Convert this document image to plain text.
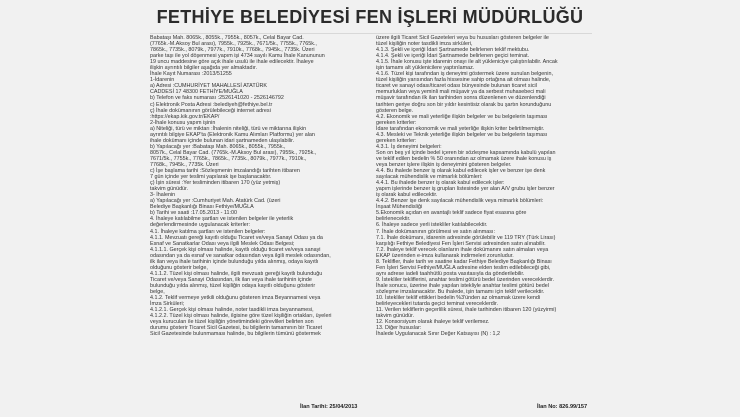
FETHİYE BELEDİYESİ FEN İŞLERİ MÜDÜRLÜĞÜ

Babataşı Mah. 8065k., 8055k., 7955k., 8057k., Celal Bayar Cad.

(7765k.-M.Aksoy Bul arası), 7955k., 7925k., 7671/5k., 7755k., 7765k.,

7865k., 7735k., 8079k., 7977k., 7910k., 7768k., 7945k., 7735k. Üzeri

parke taşı ile yol döşenmesi yapım işi 4734 sayılı Kamu İhale Kanununun

19 uncu maddesine göre açık ihale usulü ile ihale edilecektir. İhaleye

ilişkin ayrıntılı bilgiler aşağıda yer almaktadır.

İhale Kayıt Numarası :2013/51255

1-İdarenin

a) Adresi :CUMHURİYET MAHALLESİ ATATÜRK

CADDESİ 17 48300 FETHİYE/MUĞLA

b) Telefon ve faks numarası :2526141020 - 2526146792

c) Elektronik Posta Adresi :belediyeh@fethiye.bel.tr

ç) İhale dokümanının görülebileceği internet adresi

:https://ekap.kik.gov.tr/EKAP/

2-İhale konusu yapım işinin

a) Niteliği, türü ve miktarı :İhalenin niteliği, türü ve miktarına ilişkin

ayrıntılı bilgiye EKAP'ta (Elektronik Kamu Alımları Platformu) yer alan

ihale dokümanı içinde bulunan idari şartnameden ulaşılabilir.

b) Yapılacağı yer :Babataşı Mah. 8065k., 8055k., 7955k.,

8057k., Celal Bayar Cad. (7765k.-M.Aksoy Bul arası), 7955k., 7925k.,

7671/5k., 7755k., 7765k., 7865k., 7735k., 8079k., 7977k., 7910k.,

7768k., 7945k., 7735k. Üzeri

c) İşe başlama tarihi :Sözleşmenin imzalandığı tarihten itibaren

7 gün içinde yer teslimi yapılarak işe başlanacaktır.

ç) İşin süresi :Yer tesliminden itibaren 170 (yüz yetmiş)

takvim günüdür.

3- İhalenin

a) Yapılacağı yer :Cumhuriyet Mah. Atatürk Cad. (üzeri

Belediye Başkanlığı Binası Fethiye/MUĞLA

b) Tarihi ve saati :17.05.2013 - 11:00

4. İhaleye katılabilme şartları ve istenilen belgeler ile yeterlik

değerlendirmesinde uygulanacak kriterler:

4.1. İhaleye katılma şartları ve istenilen belgeler:

4.1.1. Mevzuatı gereği kayıtlı olduğu Ticaret ve/veya Sanayi Odası ya da

Esnaf ve Sanatkarlar Odası veya ilgili Meslek Odası Belgesi;

4.1.1.1. Gerçek kişi olması halinde, kayıtlı olduğu ticaret ve/veya sanayi

odasından ya da esnaf ve sanatkar odasından veya ilgili meslek odasından,

ilk ilan veya ihale tarihinin içinde bulunduğu yılda alınmış, odaya kayıtlı

olduğunu gösterir belge,

4.1.1.2. Tüzel kişi olması halinde, ilgili mevzuatı gereği kayıtlı bulunduğu

Ticaret ve/veya Sanayi Odasından, ilk ilan veya ihale tarihinin içinde

bulunduğu yılda alınmış, tüzel kişiliğin odaya kayıtlı olduğunu gösterir

belge,

4.1.2. Teklif vermeye yetkili olduğunu gösteren imza Beyannamesi veya

İmza Sirküleri;

4.1.2.1. Gerçek kişi olması halinde, noter tasdikli imza beyannamesi,

4.1.2.2. Tüzel kişi olması halinde, ilgisine göre tüzel kişiliğin ortakları, üyeleri

veya kurucuları ile tüzel kişiliğin yönetimindeki görevlileri belirten son

durumu gösterir Ticaret Sicil Gazetesi, bu bilgilerin tamamının bir Ticaret

Sicil Gazetesinde bulunmaması halinde, bu bilgilerin tümünü göstermek

üzere ilgili Ticaret Sicil Gazeteleri veya bu hususları gösteren belgeler ile

tüzel kişiliğin noter tasdikli imza sirküleri,

4.1.3. Şekli ve içeriği İdari Şartnamede belirlenen teklif mektubu.

4.1.4. Şekli ve içeriği İdari Şartnamede belirlenen geçici teminat.

4.1.5. İhale konusu işte idarenin onayı ile alt yükleniciye çalıştırılabilir. Ancak

işin tamamı alt yüklenicilere yaptırılamaz.

4.1.6. Tüzel kişi tarafından iş deneyimi göstermek üzere sunulan belgenin,

tüzel kişiliğin yarısından fazla hissesine sahip ortağına ait olması halinde,

ticaret ve sanayi odası/ticaret odası bünyesinde bulunan ticaret sicil

memurluklan veya yeminli mali müşavir ya da serbest muhasebeci mali

müşavir tarafından ilk ilan tarihinden sonra düzenlenen ve düzenlendiği

tarihten geriye doğru son bir yıldır kesintisiz olarak bu şartın korunduğunu

gösteren belge.

4.2. Ekonomik ve mali yeterliğe ilişkin belgeler ve bu belgelerin taşıması

gereken kriterler:

İdare tarafından ekonomik ve mali yeterliğe ilişkin kriter belirtilmemiştir.

4.3. Mesleki ve Teknik yeterliğe ilişkin belgeler ve bu belgelerin taşıması

gereken kriterler:

4.3.1. İş deneyimi belgeleri:

Son on beş yıl içinde bedel içeren bir sözleşme kapsamında kabulü yapılan

ve teklif edilen bedelin % 50 oranından az olmamak üzere ihale konusu iş

veya benzer işlere ilişkin iş deneyimini gösteren belgeler.

4.4. Bu ihalede benzer iş olarak kabul edilecek işler ve benzer işe denk

sayılacak mühendislik ve mimarlık bölümleri:

4.4.1. Bu ihalede benzer iş olarak kabul edilecek işler:

yapım işlerinde benzer iş grupları listesinde yer alan A/V grubu işler benzer

iş olarak kabul edilecektir.

4.4.2. Benzer işe denk sayılacak mühendislik veya mimarlık bölümleri:

İnşaat Mühendisliği

5.Ekonomik açıdan en avantajlı teklif sadece fiyat esasına göre

belirlenecektir.

6. İhaleye sadece yerli istekliler katılabilecektir.

7. İhale dokümanının görülmesi ve satın alınması:

7.1. İhale dokümanı, idarenin adresinde görülebilir ve 119 TRY (Türk Lirası)

karşılığı Fethiye Belediyesi Fen İşleri Servisi adresinden satın alınabilir.

7.2. İhaleye teklif verecek olanların ihale dokümanını satın almaları veya

EKAP üzerinden e-imza kullanarak indirmeleri zorunludur.

8. Teklifler, ihale tarih ve saatine kadar Fethiye Belediye Başkanlığı Binası

Fen İşleri Servisi Fethiye/MUĞLA adresine elden teslim edilebileceği gibi,

aynı adrese iadeli taahhütlü posta vasıtasıyla da gönderilebilir.

9. İstekliler tekliflerini, anahtar teslimi götürü bedel üzerinden vereceklerdir.

İhale sonucu, üzerine ihale yapılan istekliyle anahtar teslimi götürü bedel

sözleşme imzalanacaktır. Bu ihalede, işin tamamı için teklif verilecektir.

10. İstekliler teklif ettikleri bedelin %3'ünden az olmamak üzere kendi

belirleyecekleri tutarda geçici teminat vereceklerdir.

11. Verilen tekliflerin geçerlilik süresi, ihale tarihinden itibaren 120 (yüzyirmi)

takvim günüdür.

12. Konsorsiyum olarak ihaleye teklif verilemez.

13. Diğer hususlar:

İhalede Uygulanacak Sınır Değer Katsayısı (N) : 1,2

İlan Tarihi: 25/04/2013	İlan No: 826.99/157
